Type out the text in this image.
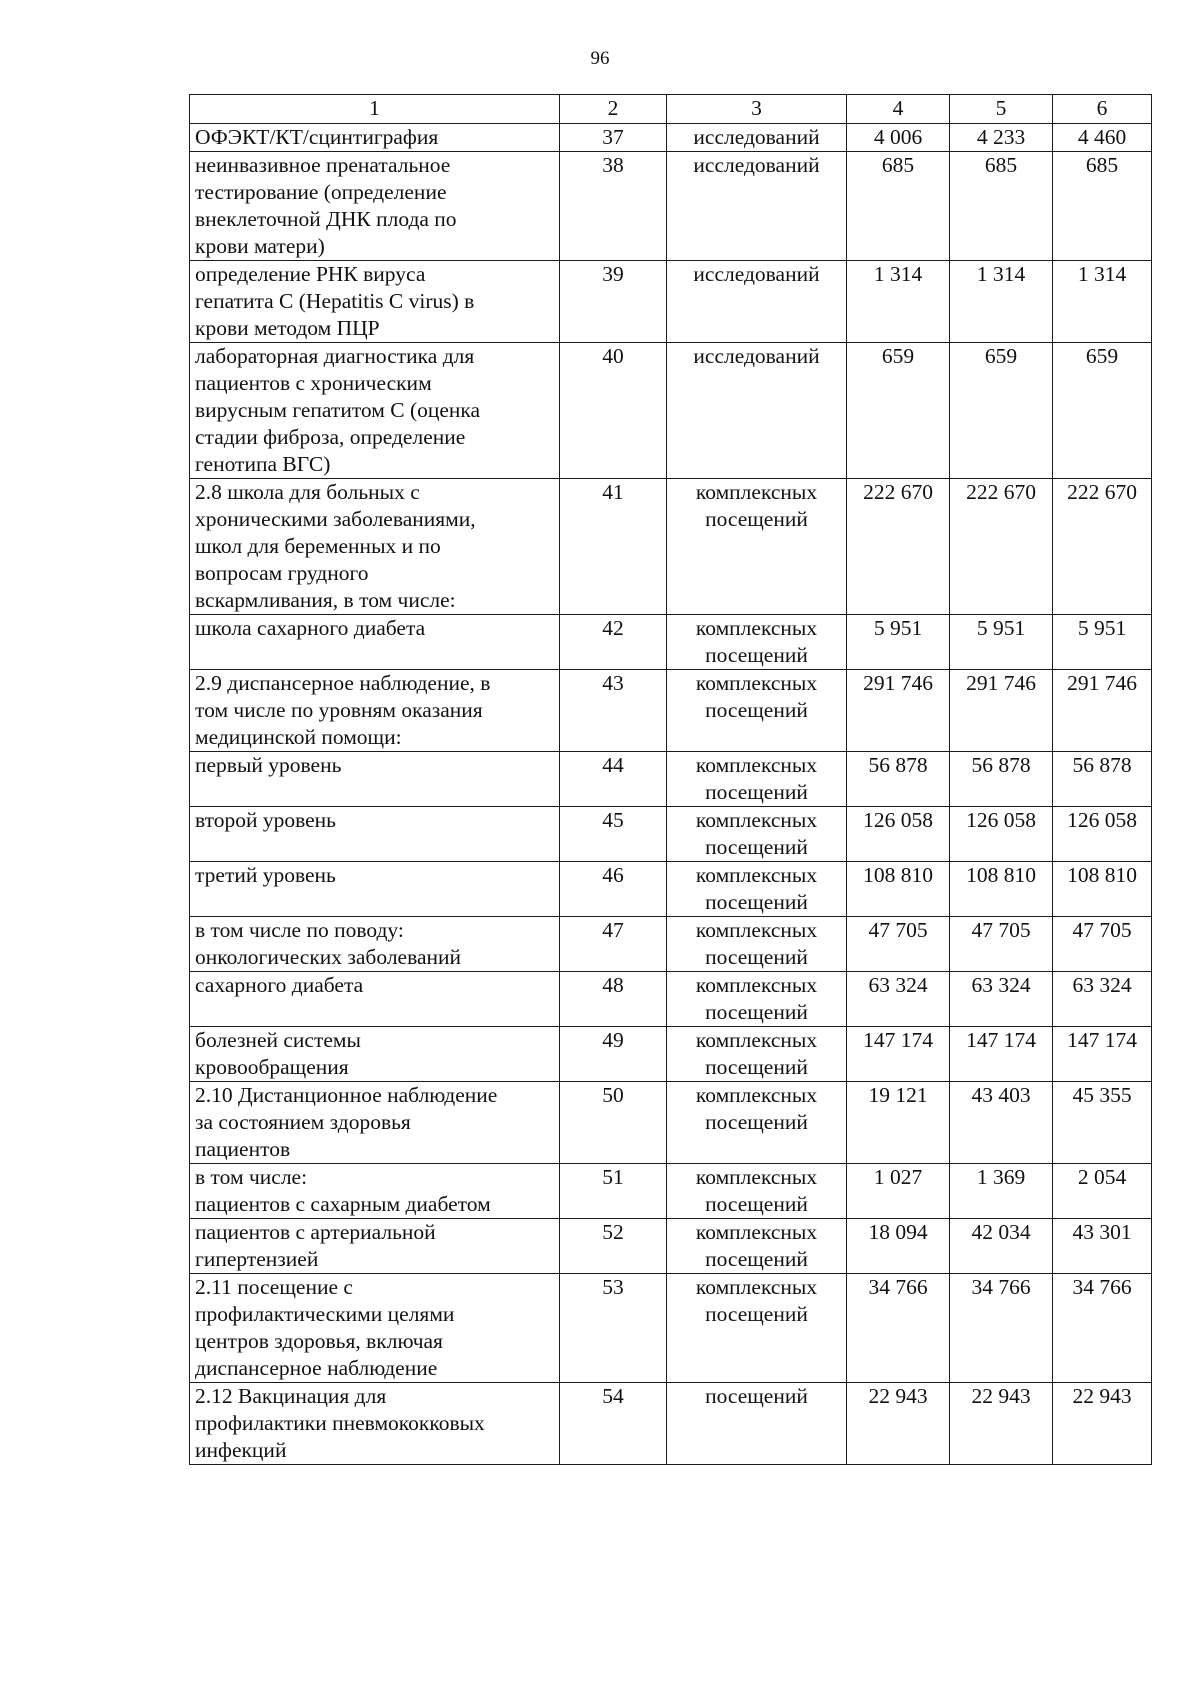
96
1	2	3	4	5	6
ОФЭКТ/КТ/сцинтиграфия	37	исследований	4 006	4 233	4 460
неинвазивное пренатальное
тестирование (определение
внеклеточной ДНК плода по
крови матери)	38	исследований	685	685	685
определение РНК вируса
гепатита С (Hepatitis C virus) в
крови методом ПЦР	39	исследований	1 314	1 314	1 314
лабораторная диагностика для
пациентов с хроническим
вирусным гепатитом С (оценка
стадии фиброза, определение
генотипа ВГС)	40	исследований	659	659	659
2.8 школа для больных с
хроническими заболеваниями,
школ для беременных и по
вопросам грудного
вскармливания, в том числе:	41	комплексных
посещений	222 670	222 670	222 670
школа сахарного диабета	42	комплексных
посещений	5 951	5 951	5 951
2.9 диспансерное наблюдение, в
том числе по уровням оказания
медицинской помощи:	43	комплексных
посещений	291 746	291 746	291 746
первый уровень	44	комплексных
посещений	56 878	56 878	56 878
второй уровень	45	комплексных
посещений	126 058	126 058	126 058
третий уровень	46	комплексных
посещений	108 810	108 810	108 810
в том числе по поводу:
онкологических заболеваний	47	комплексных
посещений	47 705	47 705	47 705
сахарного диабета	48	комплексных
посещений	63 324	63 324	63 324
болезней системы
кровообращения	49	комплексных
посещений	147 174	147 174	147 174
2.10 Дистанционное наблюдение
за состоянием здоровья
пациентов	50	комплексных
посещений	19 121	43 403	45 355
в том числе:
пациентов с сахарным диабетом	51	комплексных
посещений	1 027	1 369	2 054
пациентов с артериальной
гипертензией	52	комплексных
посещений	18 094	42 034	43 301
2.11 посещение с
профилактическими целями
центров здоровья, включая
диспансерное наблюдение	53	комплексных
посещений	34 766	34 766	34 766
2.12 Вакцинация для
профилактики пневмококковых
инфекций	54	посещений	22 943	22 943	22 943
